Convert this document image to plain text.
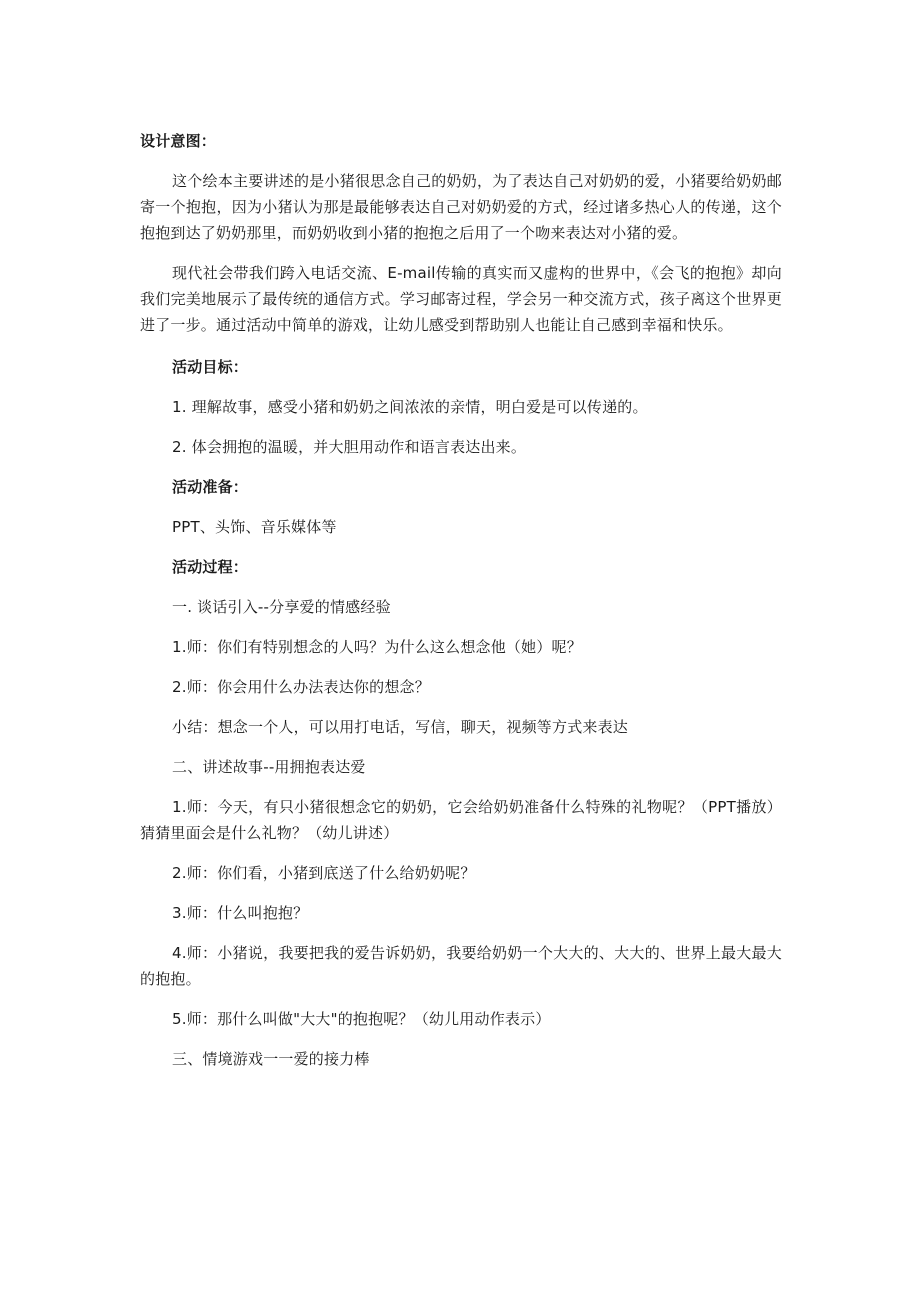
设计意图：

这个绘本主要讲述的是小猪很思念自己的奶奶，为了表达自己对奶奶的爱，小猪要给奶奶邮寄一个抱抱，因为小猪认为那是最能够表达自己对奶奶爱的方式，经过诸多热心人的传递，这个抱抱到达了奶奶那里，而奶奶收到小猪的抱抱之后用了一个吻来表达对小猪的爱。

现代社会带我们跨入电话交流、E-mail传输的真实而又虚构的世界中，《会飞的抱抱》却向我们完美地展示了最传统的通信方式。学习邮寄过程，学会另一种交流方式，孩子离这个世界更进了一步。通过活动中简单的游戏，让幼儿感受到帮助别人也能让自己感到幸福和快乐。

活动目标：

1. 理解故事，感受小猪和奶奶之间浓浓的亲情，明白爱是可以传递的。

2. 体会拥抱的温暖，并大胆用动作和语言表达出来。

活动准备：

PPT、头饰、音乐媒体等

活动过程：

一. 谈话引入--分享爱的情感经验

1.师：你们有特别想念的人吗？为什么这么想念他（她）呢？

2.师：你会用什么办法表达你的想念？

小结：想念一个人，可以用打电话，写信，聊天，视频等方式来表达

二、讲述故事--用拥抱表达爱

1.师：今天，有只小猪很想念它的奶奶，它会给奶奶准备什么特殊的礼物呢？（PPT播放）猜猜里面会是什么礼物？（幼儿讲述）

2.师：你们看，小猪到底送了什么给奶奶呢？

3.师：什么叫抱抱？

4.师：小猪说，我要把我的爱告诉奶奶，我要给奶奶一个大大的、大大的、世界上最大最大的抱抱。

5.师：那什么叫做"大大"的抱抱呢？（幼儿用动作表示）

三、情境游戏一一爱的接力棒
